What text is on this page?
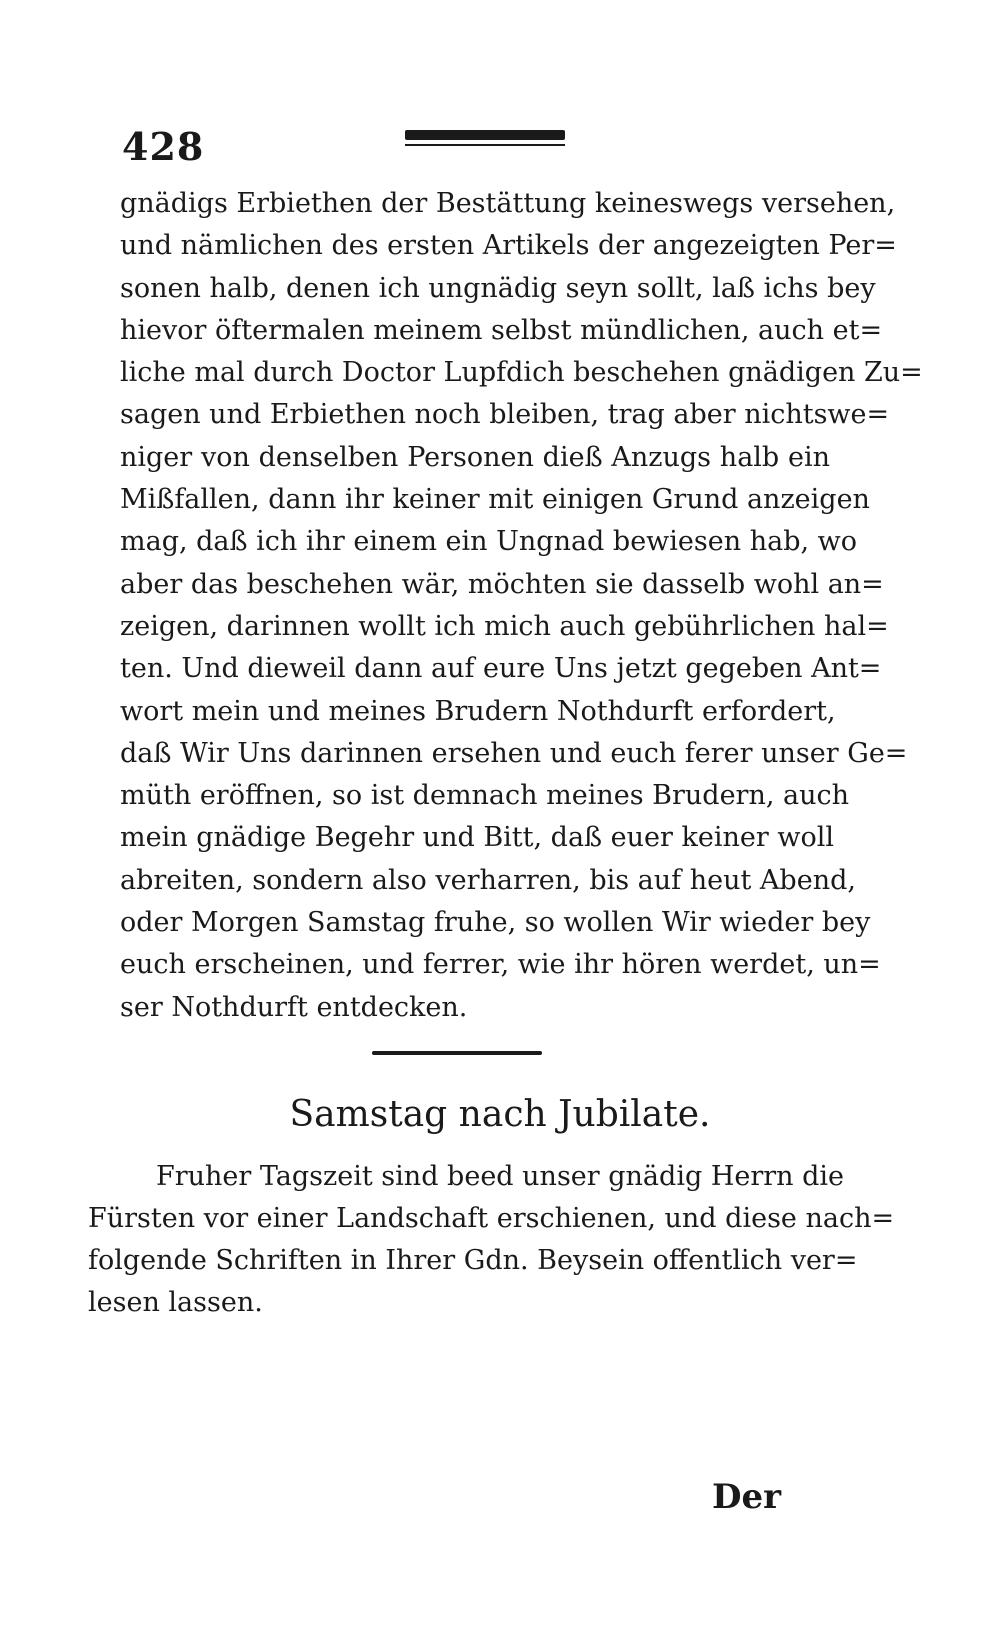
428
gnädigs Erbiethen der Bestättung keineswegs versehen,
und nämlichen des ersten Artikels der angezeigten Per=
sonen halb, denen ich ungnädig seyn sollt, laß ichs bey
hievor öftermalen meinem selbst mündlichen, auch et=
liche mal durch Doctor Lupfdich beschehen gnädigen Zu=
sagen und Erbiethen noch bleiben, trag aber nichtswe=
niger von denselben Personen dieß Anzugs halb ein
Mißfallen, dann ihr keiner mit einigen Grund anzeigen
mag, daß ich ihr einem ein Ungnad bewiesen hab, wo
aber das beschehen wär, möchten sie dasselb wohl an=
zeigen, darinnen wollt ich mich auch gebührlichen hal=
ten. Und dieweil dann auf eure Uns jetzt gegeben Ant=
wort mein und meines Brudern Nothdurft erfordert,
daß Wir Uns darinnen ersehen und euch ferer unser Ge=
müth eröffnen, so ist demnach meines Brudern, auch
mein gnädige Begehr und Bitt, daß euer keiner woll
abreiten, sondern also verharren, bis auf heut Abend,
oder Morgen Samstag fruhe, so wollen Wir wieder bey
euch erscheinen, und ferrer, wie ihr hören werdet, un=
ser Nothdurft entdecken.
Samstag nach Jubilate.
Fruher Tagszeit sind beed unser gnädig Herrn die
Fürsten vor einer Landschaft erschienen, und diese nach=
folgende Schriften in Ihrer Gdn. Beysein offentlich ver=
lesen lassen.
Der
